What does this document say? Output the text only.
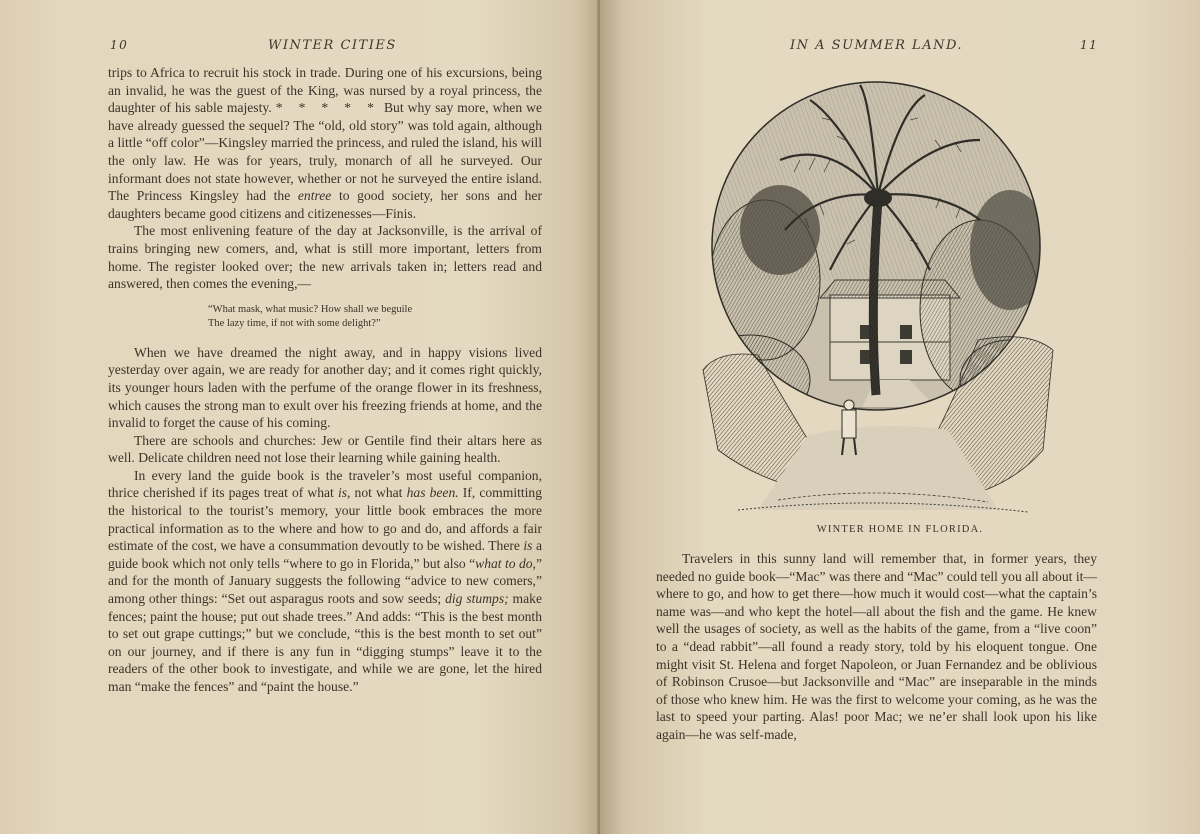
10	WINTER CITIES

trips to Africa to recruit his stock in trade. During one of his excursions, being an invalid, he was the guest of the King, was nursed by a royal princess, the daughter of his sable majesty. * * * * * But why say more, when we have already guessed the sequel? The “old, old story” was told again, although a little “off color”—Kingsley married the princess, and ruled the island, his will the only law. He was for years, truly, monarch of all he surveyed. Our informant does not state however, whether or not he surveyed the entire island. The Princess Kingsley had the entree to good society, her sons and her daughters became good citizens and citizenesses—Finis.

The most enlivening feature of the day at Jacksonville, is the arrival of trains bringing new comers, and, what is still more important, letters from home. The register looked over; the new arrivals taken in; letters read and answered, then comes the evening,—

“What mask, what music? How shall we beguile
The lazy time, if not with some delight?”

When we have dreamed the night away, and in happy visions lived yesterday over again, we are ready for another day; and it comes right quickly, its younger hours laden with the perfume of the orange flower in its freshness, which causes the strong man to exult over his freezing friends at home, and the invalid to forget the cause of his coming.

There are schools and churches: Jew or Gentile find their altars here as well. Delicate children need not lose their learning while gaining health.

In every land the guide book is the traveler’s most useful companion, thrice cherished if its pages treat of what is, not what has been. If, committing the historical to the tourist’s memory, your little book embraces the more practical information as to the where and how to go and do, and affords a fair estimate of the cost, we have a consummation devoutly to be wished. There is a guide book which not only tells “where to go in Florida,” but also “what to do,” and for the month of January suggests the following “advice to new comers,” among other things: “Set out asparagus roots and sow seeds; dig stumps; make fences; paint the house; put out shade trees.” And adds: “This is the best month to set out grape cuttings;” but we conclude, “this is the best month to set out” on our journey, and if there is any fun in “digging stumps” leave it to the readers of the other book to investigate, and while we are gone, let the hired man “make the fences” and “paint the house.”

IN A SUMMER LAND.	11

Travelers in this sunny land will remember that, in former years, they needed no guide book—“Mac” was there and “Mac” could tell you all about it—where to go, and how to get there—how much it would cost—what the captain’s name was—and who kept the hotel—all about the fish and the game. He knew well the usages of society, as well as the habits of the game, from a “live coon” to a “dead rabbit”—all found a ready story, told by his eloquent tongue. One might visit St. Helena and forget Napoleon, or Juan Fernandez and be oblivious of Robinson Crusoe—but Jacksonville and “Mac” are inseparable in the minds of those who knew him. He was the first to welcome your coming, as he was the last to speed your parting. Alas! poor Mac; we ne’er shall look upon his like again—he was self-made,

WINTER HOME IN FLORIDA.
